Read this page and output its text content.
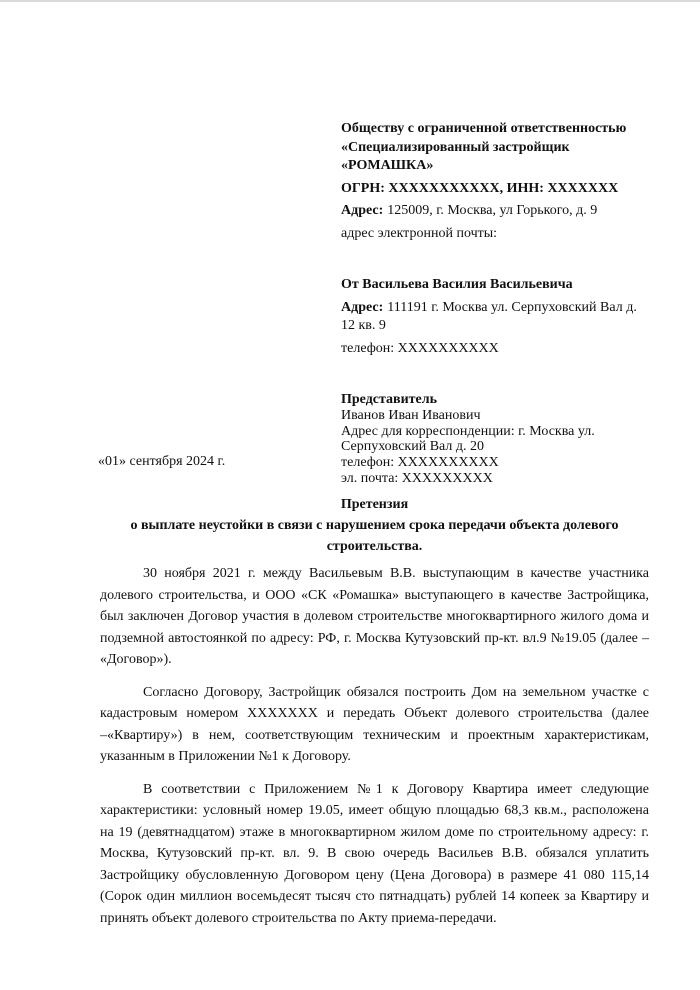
Обществу с ограниченной ответственностью
«Специализированный застройщик
«РОМАШКА»

ОГРН: XXXXXXXXXXX, ИНН: XXXXXXX

Адрес: 125009, г. Москва, ул Горького, д. 9

адрес электронной почты:

От Васильева Василия Васильевича

Адрес: 111191 г. Москва ул. Серпуховский Вал д. 12 кв. 9

телефон: XXXXXXXXXX

Представитель

Иванов Иван Иванович

Адрес для корреспонденции: г. Москва ул. Серпуховский Вал д. 20

телефон: XXXXXXXXXX

эл. почта: XXXXXXXXX

«01» сентября 2024 г.
Претензия
о выплате неустойки в связи с нарушением срока передачи объекта долевого строительства.

30 ноября 2021 г. между Васильевым В.В. выступающим в качестве участника долевого строительства, и ООО «СК «Ромашка» выступающего в качестве Застройщика, был заключен Договор участия в долевом строительстве многоквартирного жилого дома и подземной автостоянкой по адресу: РФ, г. Москва Кутузовский пр-кт. вл.9 №19.05 (далее – «Договор»).

Согласно Договору, Застройщик обязался построить Дом на земельном участке с кадастровым номером XXXXXXX и передать Объект долевого строительства (далее –«Квартиру») в нем, соответствующим техническим и проектным характеристикам, указанным в Приложении №1 к Договору.

В соответствии с Приложением №1 к Договору Квартира имеет следующие характеристики: условный номер 19.05, имеет общую площадью 68,3 кв.м., расположена на 19 (девятнадцатом) этаже в многоквартирном жилом доме по строительному адресу: г. Москва, Кутузовский пр-кт. вл. 9. В свою очередь Васильев В.В. обязался уплатить Застройщику обусловленную Договором цену (Цена Договора) в размере 41 080 115,14 (Сорок один миллион восемьдесят тысяч сто пятнадцать) рублей 14 копеек за Квартиру и принять объект долевого строительства по Акту приема-передачи.
